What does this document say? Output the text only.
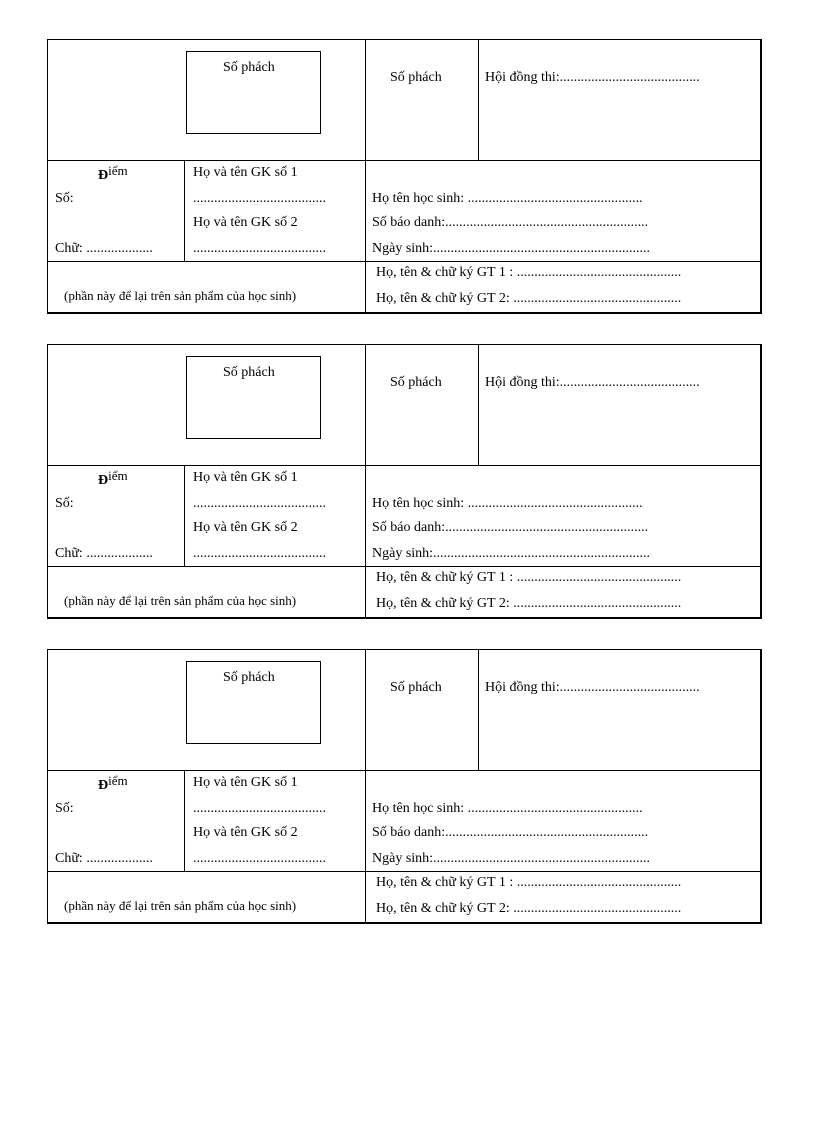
Số phách
Số phách	Hội đồng thi:........................................
$Đ^{iểm}$
Số:
Chữ: ...................
Họ và tên GK số 1
......................................
Họ và tên GK số 2
......................................
Họ tên học sinh: ..................................................
Số báo danh:..........................................................
Ngày sinh:..............................................................
(phần này để lại trên sản phẩm của học sinh)
Họ, tên & chữ ký GT 1 : ...............................................
Họ, tên & chữ ký GT 2: ................................................
Số phách
Số phách	Hội đồng thi:........................................
$Đ^{iểm}$
Số:
Chữ: ...................
Họ và tên GK số 1
......................................
Họ và tên GK số 2
......................................
Họ tên học sinh: ..................................................
Số báo danh:..........................................................
Ngày sinh:..............................................................
(phần này để lại trên sản phẩm của học sinh)
Họ, tên & chữ ký GT 1 : ...............................................
Họ, tên & chữ ký GT 2: ................................................
Số phách
Số phách	Hội đồng thi:........................................
$Đ^{iểm}$
Số:
Chữ: ...................
Họ và tên GK số 1
......................................
Họ và tên GK số 2
......................................
Họ tên học sinh: ..................................................
Số báo danh:..........................................................
Ngày sinh:..............................................................
(phần này để lại trên sản phẩm của học sinh)
Họ, tên & chữ ký GT 1 : ...............................................
Họ, tên & chữ ký GT 2: ................................................
